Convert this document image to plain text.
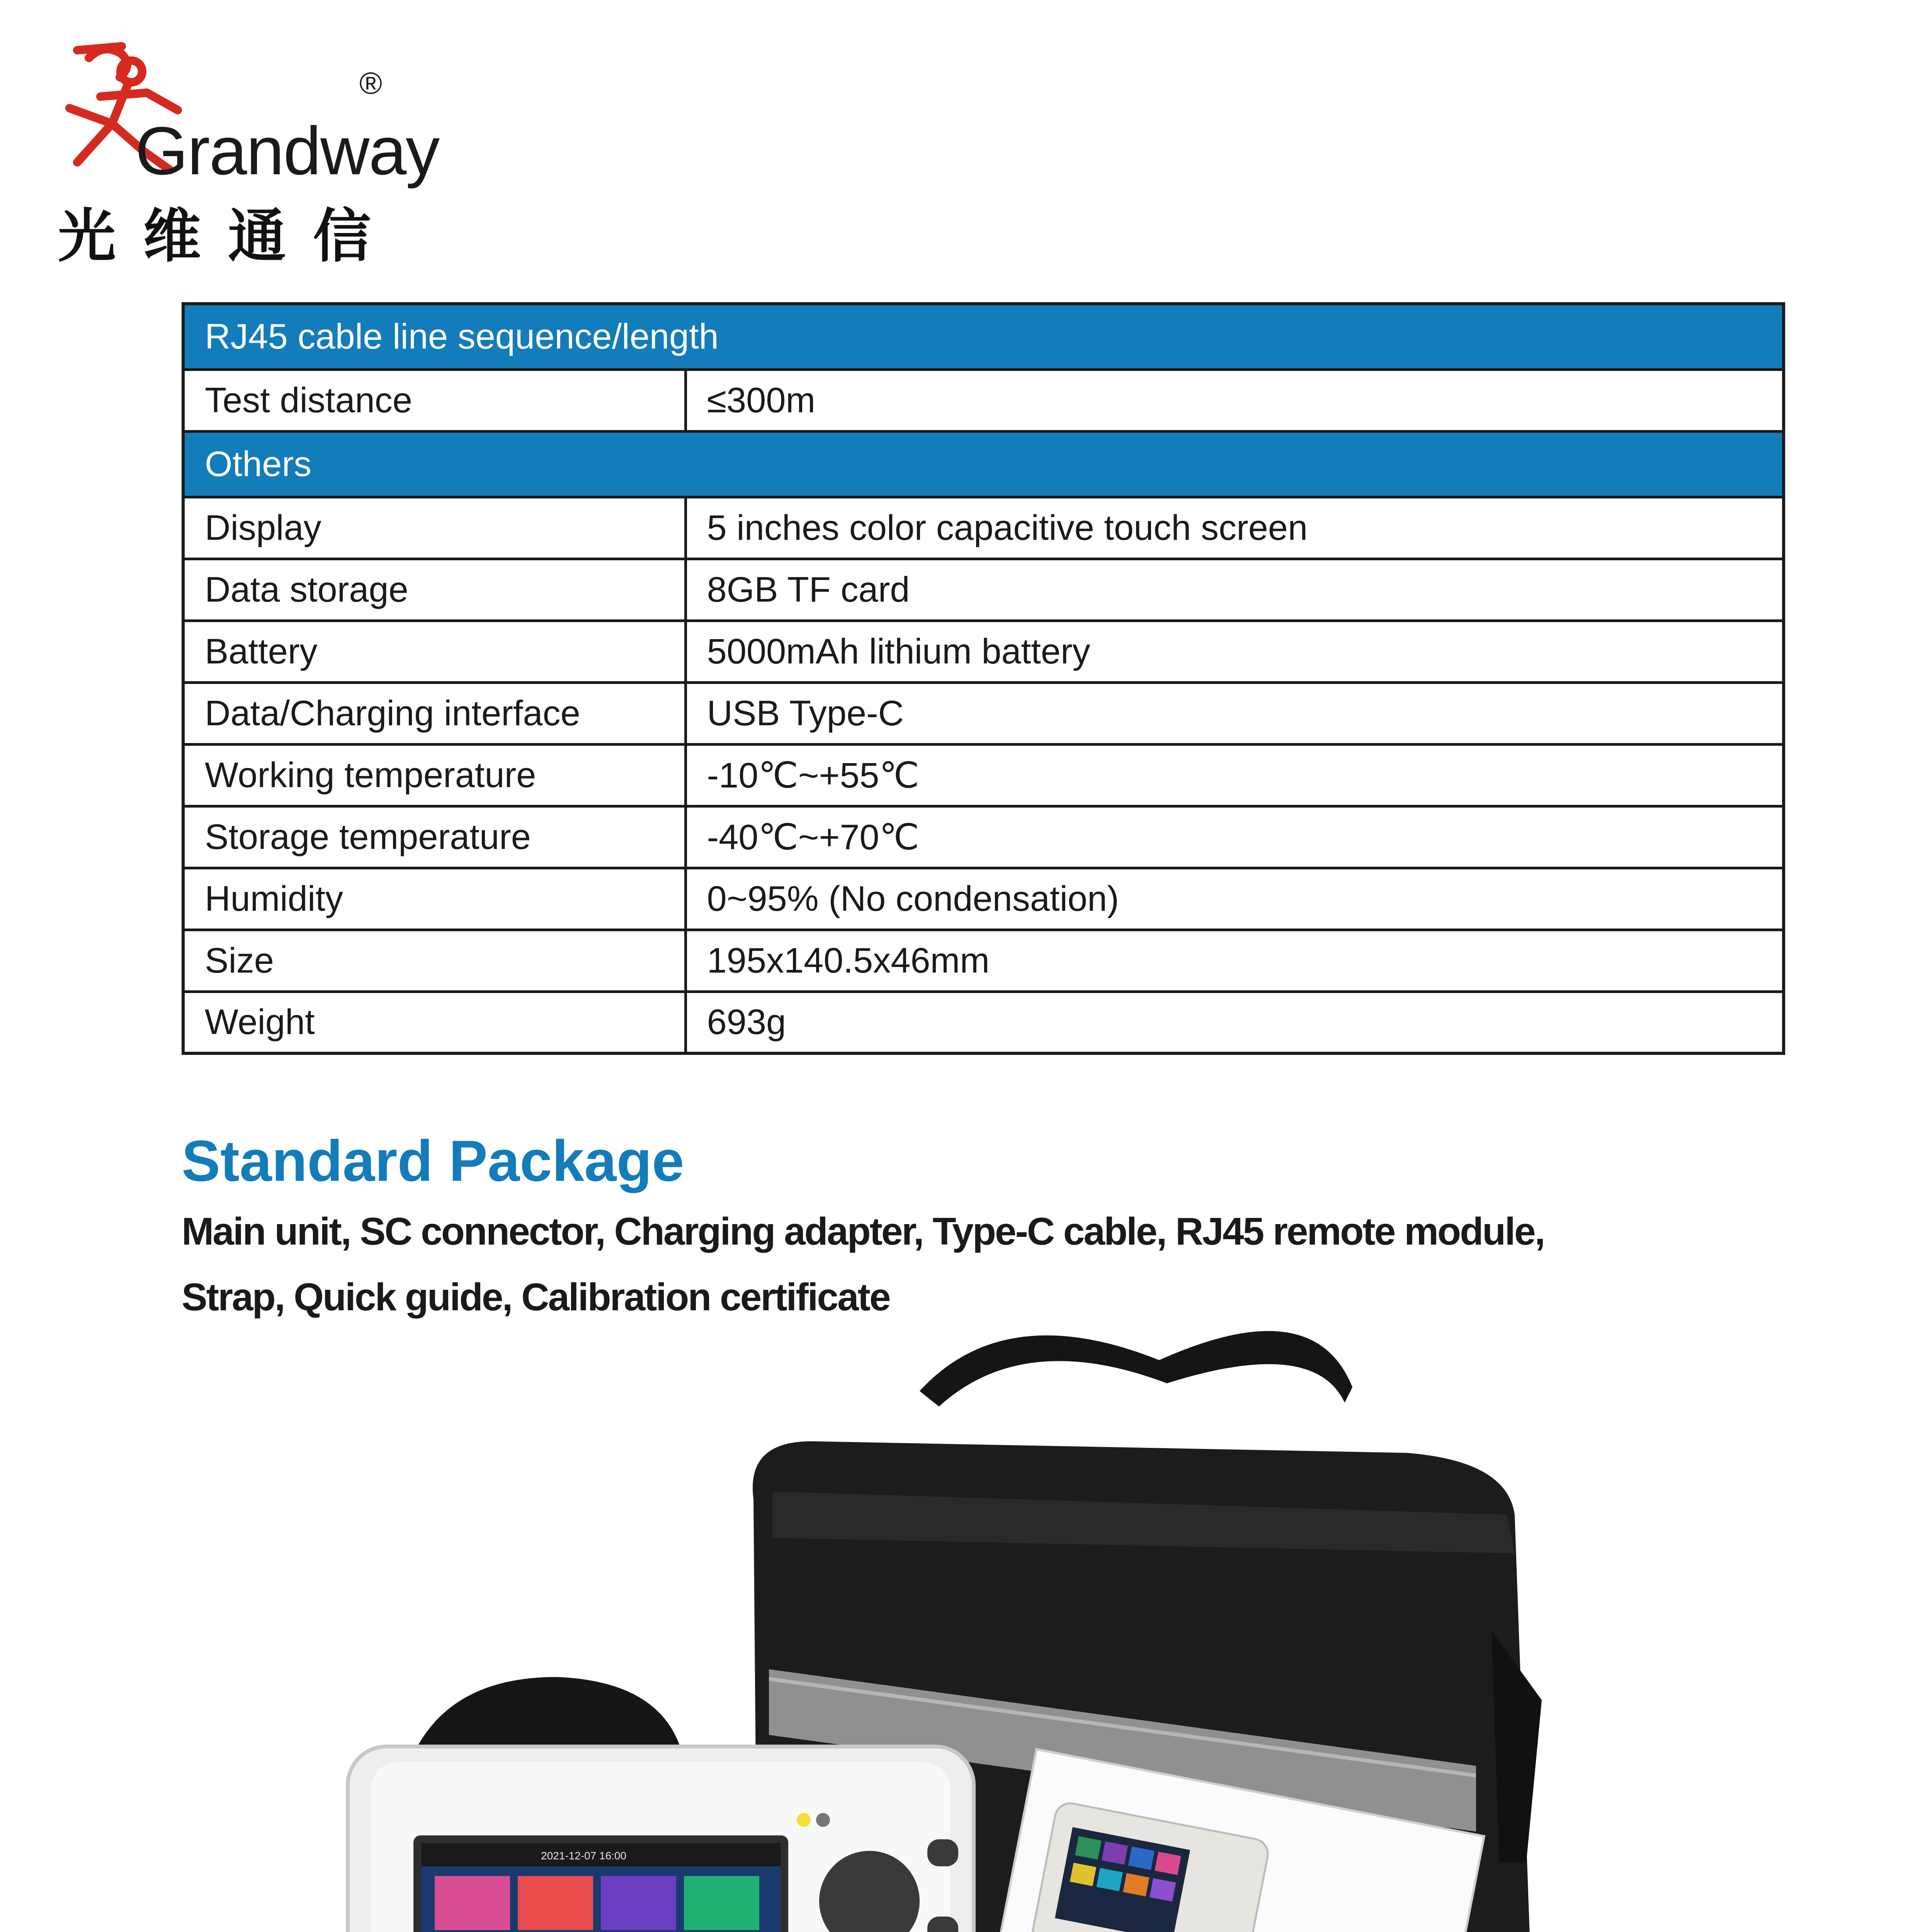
Grandway
®
光维通信
RJ45 cable line sequence/length	
Test distance	≤300m
Others	
Display	5 inches color capacitive touch screen
Data storage	8GB TF card
Battery	5000mAh lithium battery
Data/Charging interface	USB Type-C
Working temperature	-10℃~+55℃
Storage temperature	-40℃~+70℃
Humidity	0~95% (No condensation)
Size	195x140.5x46mm
Weight	693g
Standard Package
Main unit, SC connector, Charging adapter, Type-C cable, RJ45 remote module,
Strap, Quick guide, Calibration certificate
2021-12-07 16:00
